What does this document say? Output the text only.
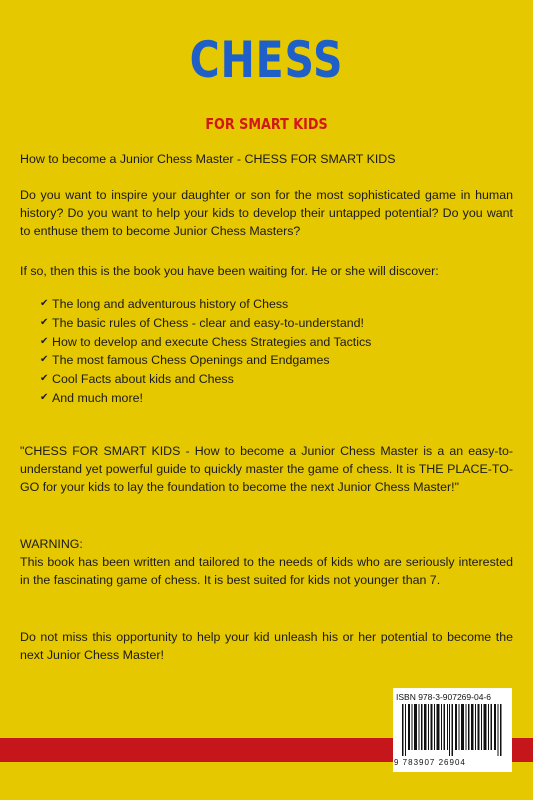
CHESS
FOR SMART KIDS

How to become a Junior Chess Master - CHESS FOR SMART KIDS

Do you want to inspire your daughter or son for the most sophisticated game in human history? Do you want to help your kids to develop their untapped potential? Do you want to enthuse them to become Junior Chess Masters?

If so, then this is the book you have been waiting for. He or she will discover:

✔ The long and adventurous history of Chess
✔ The basic rules of Chess - clear and easy-to-understand!
✔ How to develop and execute Chess Strategies and Tactics
✔ The most famous Chess Openings and Endgames
✔ Cool Facts about kids and Chess
✔ And much more!

"CHESS FOR SMART KIDS - How to become a Junior Chess Master is a an easy-to-understand yet powerful guide to quickly master the game of chess. It is THE PLACE-TO-GO for your kids to lay the foundation to become the next Junior Chess Master!"

WARNING:

This book has been written and tailored to the needs of kids who are seriously interested in the fascinating game of chess. It is best suited for kids not younger than 7.

Do not miss this opportunity to help your kid unleash his or her potential to become the next Junior Chess Master!

ISBN 978-3-907269-04-6
9 783907 26904
